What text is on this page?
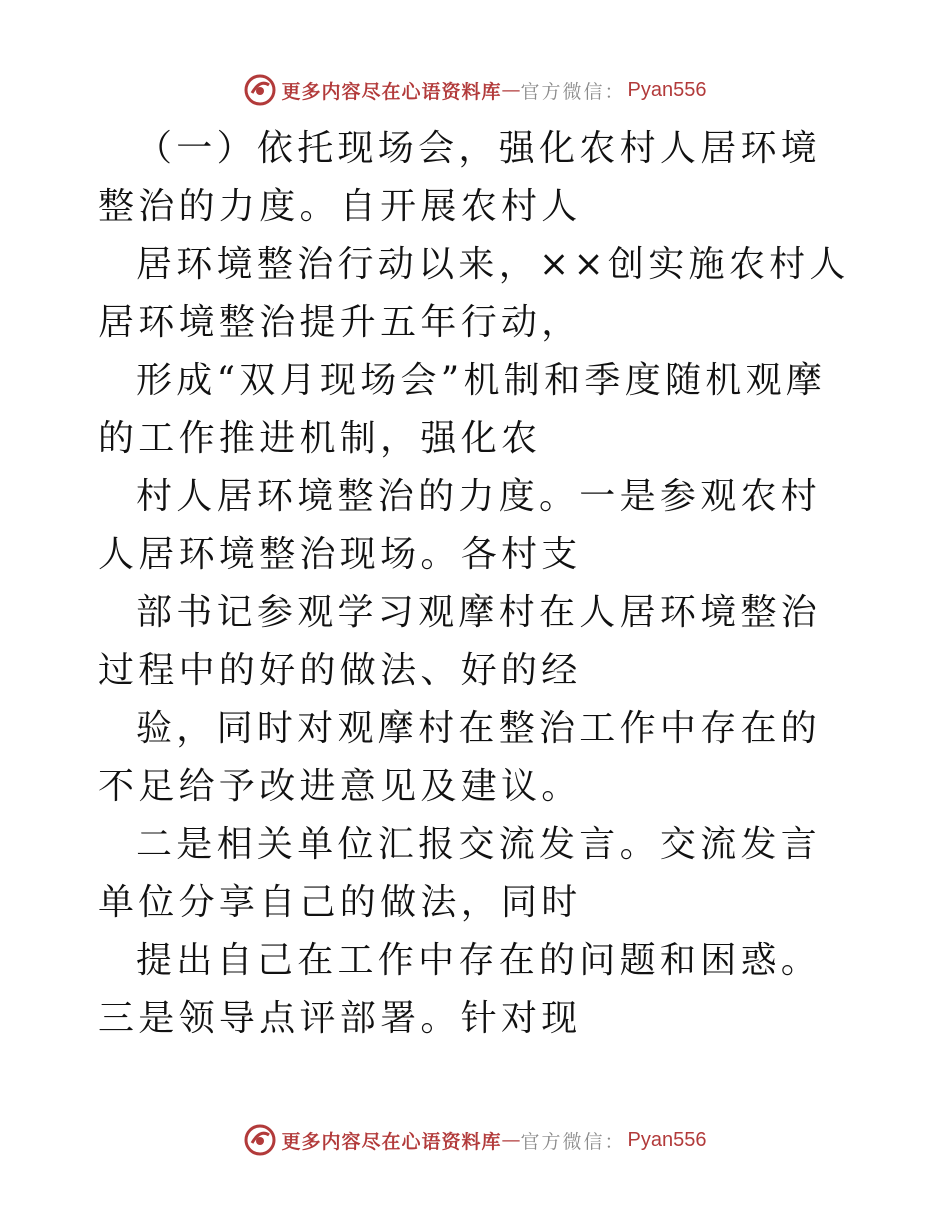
更多内容尽在心语资料库 — 官方微信 ： Pyan556

（一）依托现场会，强化农村人居环境整治的力度。自开展农村人

居环境整治行动以来，××创实施农村人居环境整治提升五年行动，

形成“双月现场会”机制和季度随机观摩的工作推进机制，强化农

村人居环境整治的力度。一是参观农村人居环境整治现场。各村支

部书记参观学习观摩村在人居环境整治过程中的好的做法、好的经

验，同时对观摩村在整治工作中存在的不足给予改进意见及建议。

二是相关单位汇报交流发言。交流发言单位分享自己的做法，同时

提出自己在工作中存在的问题和困惑。三是领导点评部署。针对现

更多内容尽在心语资料库 — 官方微信 ： Pyan556
